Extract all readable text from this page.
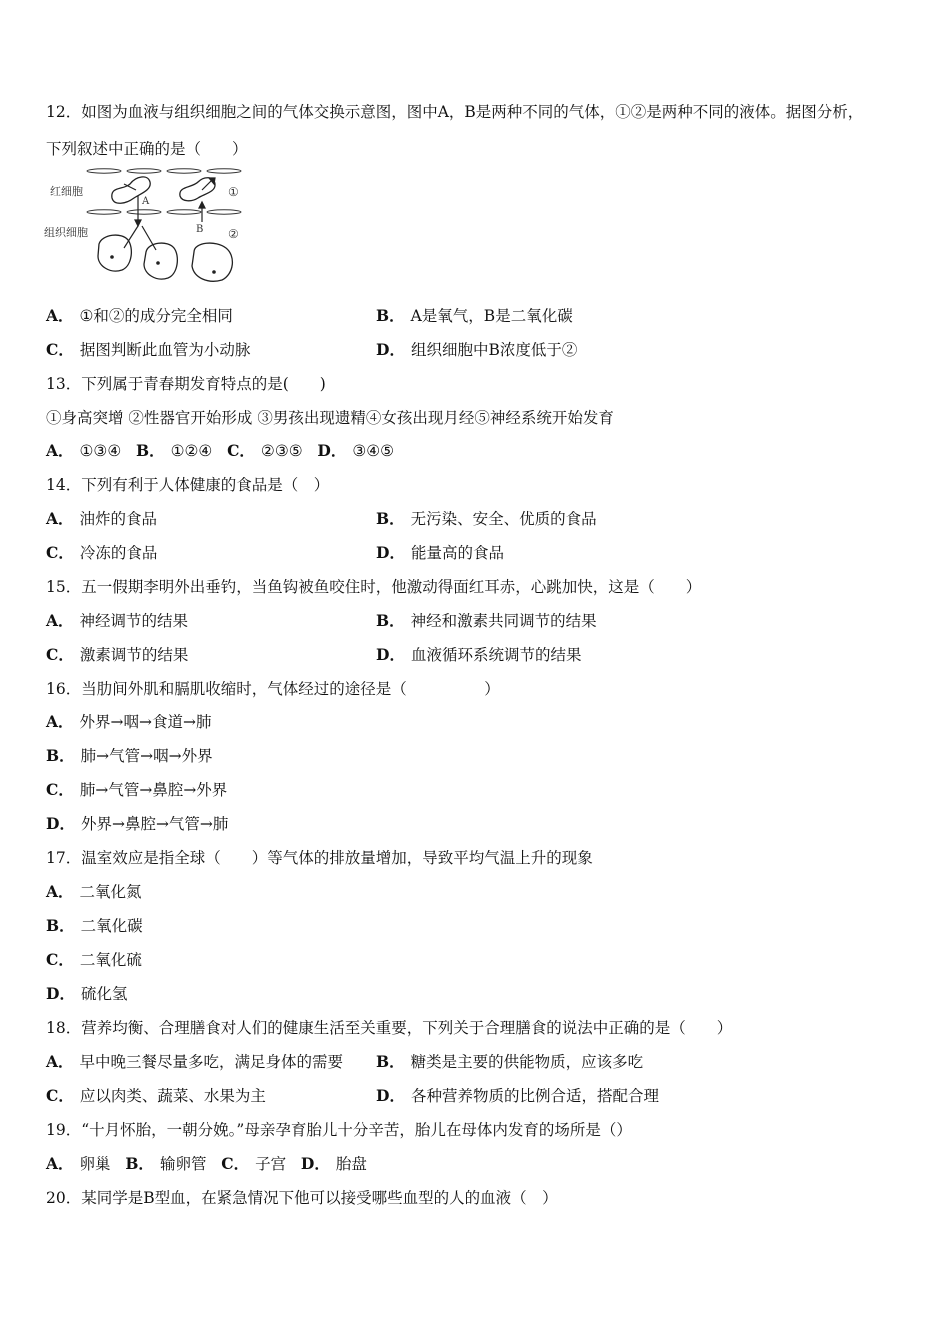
12．如图为血液与组织细胞之间的气体交换示意图，图中A，B是两种不同的气体，①②是两种不同的液体。据图分析，
下列叙述中正确的是（　　）
红细胞
组织细胞
A
B
①
②
A． ①和②的成分完全相同	B． A是氧气，B是二氧化碳
C． 据图判断此血管为小动脉	D． 组织细胞中B浓度低于②
13．下列属于青春期发育特点的是(　　)
①身高突增 ②性器官开始形成 ③男孩出现遗精④女孩出现月经⑤神经系统开始发育
A． ①③④ B． ①②④ C． ②③⑤ D． ③④⑤
14．下列有利于人体健康的食品是（　）
A． 油炸的食品	B． 无污染、安全、优质的食品
C． 冷冻的食品	D． 能量高的食品
15．五一假期李明外出垂钓，当鱼钩被鱼咬住时，他激动得面红耳赤，心跳加快，这是（　　）
A． 神经调节的结果	B． 神经和激素共同调节的结果
C． 激素调节的结果	D． 血液循环系统调节的结果
16．当肋间外肌和膈肌收缩时，气体经过的途径是（　　　　　）
A． 外界→咽→食道→肺
B． 肺→气管→咽→外界
C． 肺→气管→鼻腔→外界
D． 外界→鼻腔→气管→肺
17．温室效应是指全球（　　）等气体的排放量增加，导致平均气温上升的现象
A． 二氧化氮
B． 二氧化碳
C． 二氧化硫
D． 硫化氢
18．营养均衡、合理膳食对人们的健康生活至关重要，下列关于合理膳食的说法中正确的是（　　）
A． 早中晚三餐尽量多吃，满足身体的需要 B． 糖类是主要的供能物质，应该多吃
C． 应以肉类、蔬菜、水果为主	D． 各种营养物质的比例合适，搭配合理
19．“十月怀胎，一朝分娩。”母亲孕育胎儿十分辛苦，胎儿在母体内发育的场所是（）
A． 卵巢 B． 输卵管 C． 子宫 D． 胎盘
20．某同学是B型血，在紧急情况下他可以接受哪些血型的人的血液（　）
